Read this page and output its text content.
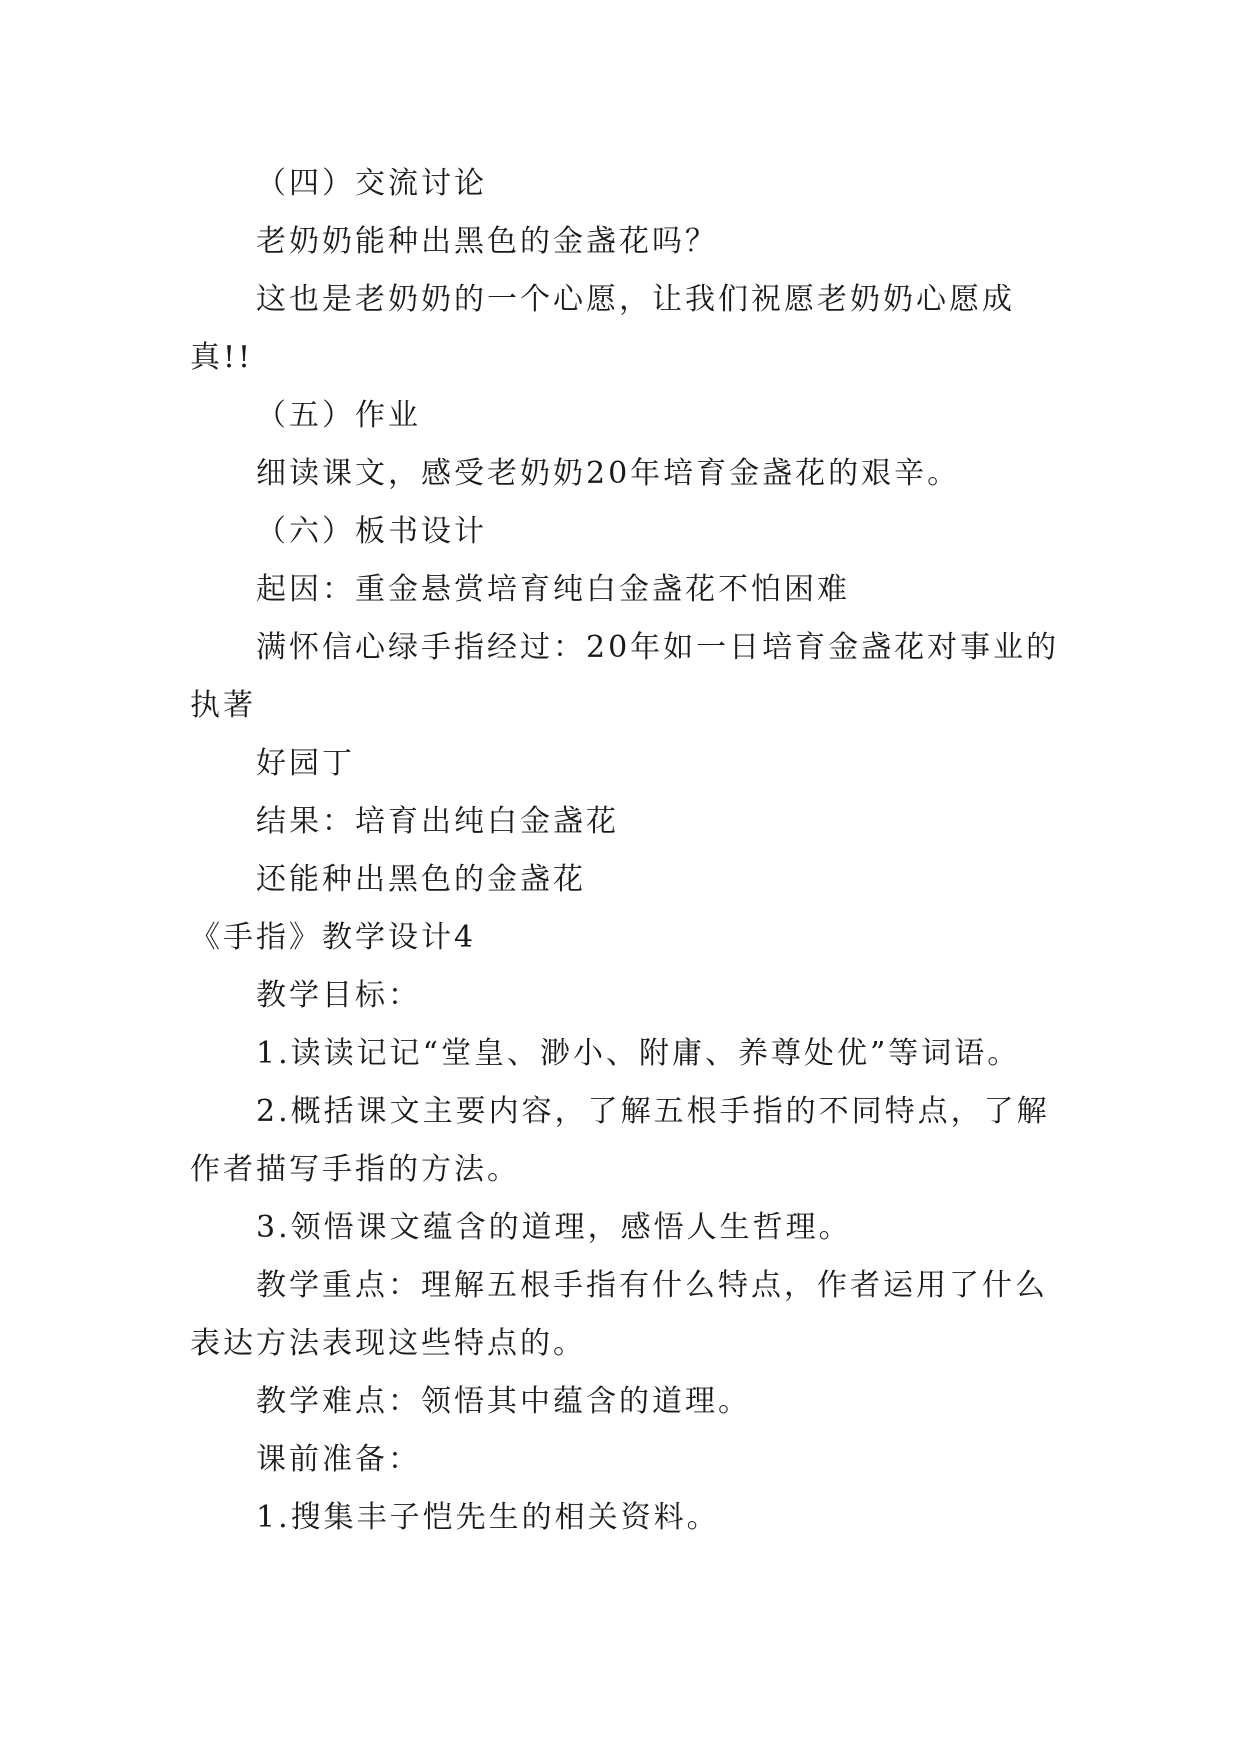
（四）交流讨论
老奶奶能种出黑色的金盏花吗？
这也是老奶奶的一个心愿，让我们祝愿老奶奶心愿成
真!!
（五）作业
细读课文，感受老奶奶20年培育金盏花的艰辛。
（六）板书设计
起因：重金悬赏培育纯白金盏花不怕困难
满怀信心绿手指经过：20年如一日培育金盏花对事业的
执著
好园丁
结果：培育出纯白金盏花
还能种出黑色的金盏花
《手指》教学设计4
教学目标：
1.读读记记“堂皇、渺小、附庸、养尊处优”等词语。
2.概括课文主要内容，了解五根手指的不同特点，了解
作者描写手指的方法。
3.领悟课文蕴含的道理，感悟人生哲理。
教学重点：理解五根手指有什么特点，作者运用了什么
表达方法表现这些特点的。
教学难点：领悟其中蕴含的道理。
课前准备：
1.搜集丰子恺先生的相关资料。
